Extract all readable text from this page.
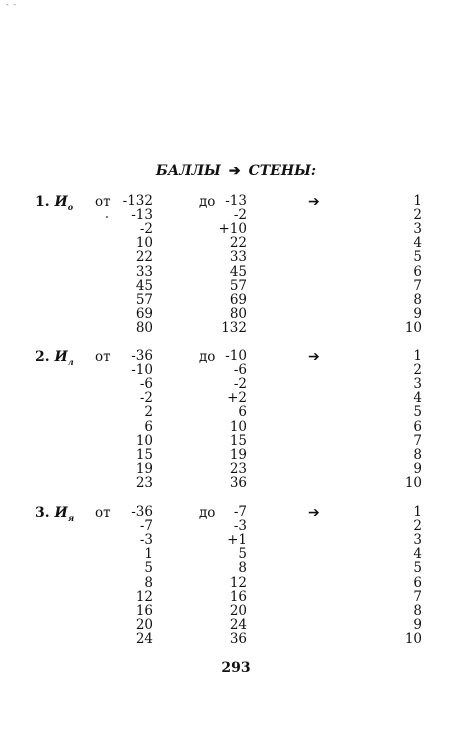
- -
БАЛЛЫ ➔ СТЕНЫ:
1. $И_о$ от	до	➔
-132	-13	1
-13	-2	2
-2	+10	3
10	22	4
22	33	5
33	45	6
45	57	7
57	69	8
69	80	9
80	132	10
2. $И_л$ от	до	➔
-36	-10	1
-10	-6	2
-6	-2	3
-2	+2	4
2	6	5
6	10	6
10	15	7
15	19	8
19	23	9
23	36	10
3. $И_я$ от	до	➔
-36	-7	1
-7	-3	2
-3	+1	3
1	5	4
5	8	5
8	12	6
12	16	7
16	20	8
20	24	9
24	36	10
293
